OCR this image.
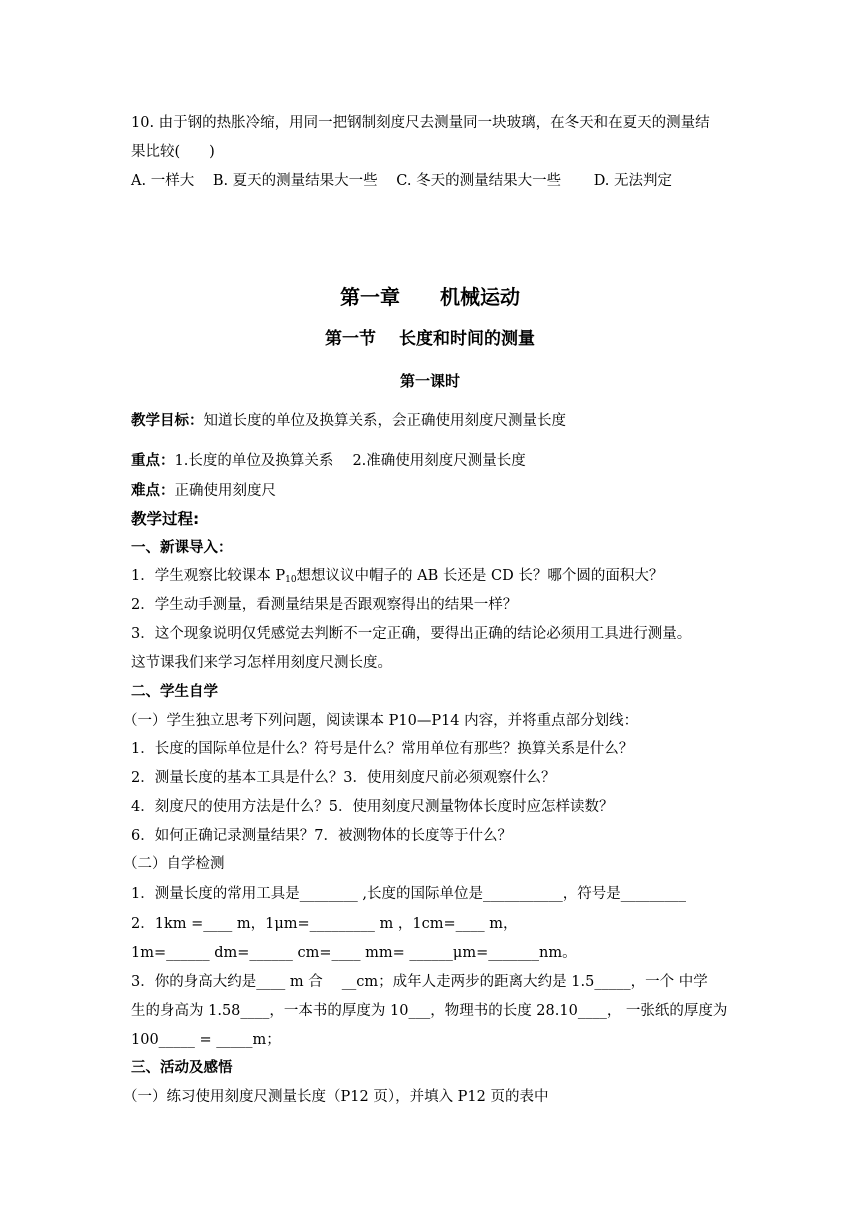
10. 由于钢的热胀冷缩，用同一把钢制刻度尺去测量同一块玻璃，在冬天和在夏天的测量结
果比较(　　)
A. 一样大 B. 夏天的测量结果大一些 C. 冬天的测量结果大一些 D. 无法判定
第一章　　机械运动
第一节　 长度和时间的测量
第一课时
教学目标：知道长度的单位及换算关系，会正确使用刻度尺测量长度
重点：1.长度的单位及换算关系　 2.准确使用刻度尺测量长度
难点：正确使用刻度尺
教学过程:
一、新课导入：
1．学生观察比较课本 $P_{10}$想想议议中帽子的 AB 长还是 CD 长？哪个圆的面积大？
2．学生动手测量，看测量结果是否跟观察得出的结果一样？
3．这个现象说明仅凭感觉去判断不一定正确，要得出正确的结论必须用工具进行测量。
这节课我们来学习怎样用刻度尺测长度。
二、学生自学
（一）学生独立思考下列问题，阅读课本 P10—P14 内容，并将重点部分划线：
1．长度的国际单位是什么？符号是什么？常用单位有那些？换算关系是什么？
2．测量长度的基本工具是什么？3．使用刻度尺前必须观察什么？
4．刻度尺的使用方法是什么？5．使用刻度尺测量物体长度时应怎样读数？
6．如何正确记录测量结果？7．被测物体的长度等于什么？
（二）自学检测
1．测量长度的常用工具是________ ,长度的国际单位是___________，符号是_________
2．1km =____ m，1μm=_________ m ，1cm=____ m，
1m=______ dm=______ cm=____ mm= ______μm=_______nm。
3．你的身高大约是____ m 合　 __cm；成年人走两步的距离大约是 1.5_____，一个 中学
生的身高为 1.58____，一本书的厚度为 10___，物理书的长度 28.10____， 一张纸的厚度为
100_____ = _____m；
三、活动及感悟
（一）练习使用刻度尺测量长度（P12 页），并填入 P12 页的表中
